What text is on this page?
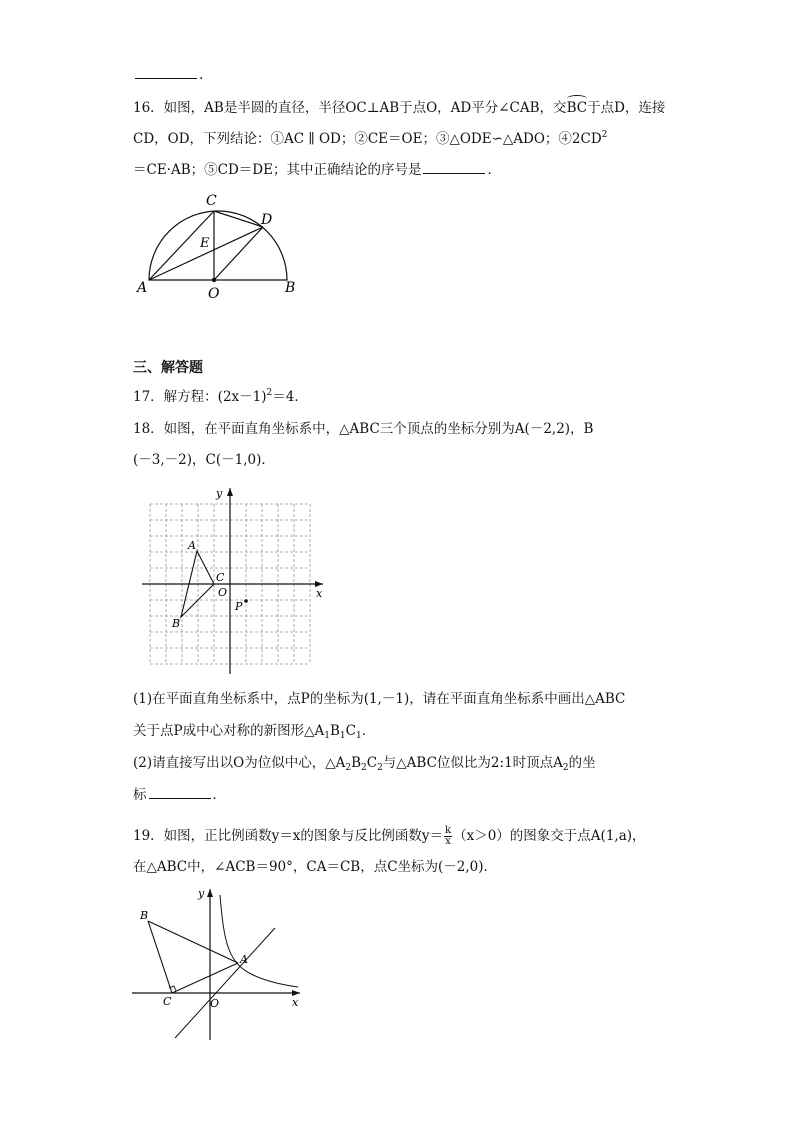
.
16．如图，AB是半圆的直径，半径OC⊥AB于点O，AD平分∠CAB，交BC于点D，连接
CD，OD，下列结论：①AC ∥ OD；②CE＝OE；③△ODE∽△ADO；$④2CD^2$
＝CE·AB；⑤CD＝DE；其中正确结论的序号是	．
A	B
C
D
E
O
三、解答题
17．解方程：$(2x-1)^2=4$．
18．如图，在平面直角坐标系中，△ABC三个顶点的坐标分别为A(－2,2)，B
(－3,－2)，C(－1,0)．
x
y
A
B
C
O
P
(1)在平面直角坐标系中，点P的坐标为(1,－1)，请在平面直角坐标系中画出△ABC
关于点P成中心对称的新图形$\triangle A_1B_1C_1$．
(2)请直接写出以O为位似中心，$\triangle A_2B_2C_2$与△ABC位似比为2:1时顶点$A_2$的坐
标	．
19．如图，正比例函数y＝x的图象与反比例函数$y= \frac{k}{x} (x>0)$的图象交于点A(1,a)，
在△ABC中，∠ACB＝90°，CA＝CB，点C坐标为(－2,0)．
x
y
A
B
C	O
